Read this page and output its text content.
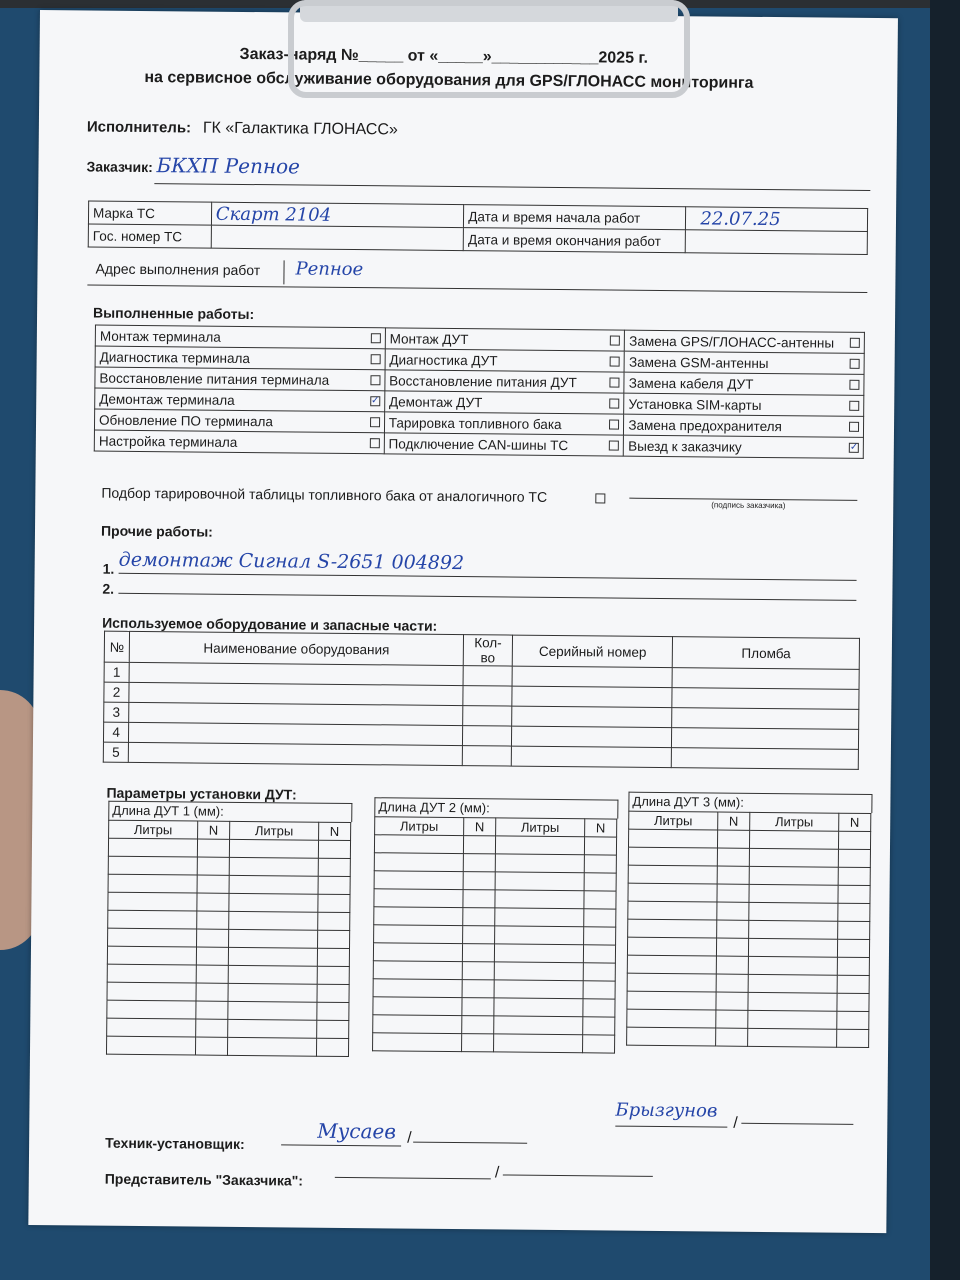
Заказ-наряд №_____ от «_____»____________2025 г.
на сервисное обслуживание оборудования для GPS/ГЛОНАСС мониторинга
Исполнитель: ГК «Галактика ГЛОНАСС»
Заказчик: БКХП Репное
Марка ТС	Скарт 2104	Дата и время начала работ	22.07.25
Гос. номер ТС		Дата и время окончания работ	
Адрес выполнения работ Репное
Выполненные работы:
Монтаж терминала	Монтаж ДУТ	Замена GPS/ГЛОНАСС-антенны

Диагностика терминала	Диагностика ДУТ	Замена GSM-антенны

Восстановление питания терминала	Восстановление питания ДУТ	Замена кабеля ДУТ

Демонтаж терминала ✓	Демонтаж ДУТ	Установка SIM-карты

Обновление ПО терминала	Тарировка топливного бака	Замена предохранителя

Настройка терминала	Подключение CAN-шины ТС	Выезд к заказчику ✓
Подбор тарировочной таблицы топливного бака от аналогичного ТС
(подпись заказчика)
Прочие работы:
1. демонтаж Сигнал S-2651 004892
2.
Используемое оборудование и запасные части:
№	Наименование оборудования	Кол-во	Серийный номер	Пломба
1				
2				
3				
4				
5				
Параметры установки ДУТ:
Длина ДУТ 1 (мм):
Литры	N	Литры	N

Длина ДУТ 2 (мм):
Литры	N	Литры	N

Длина ДУТ 3 (мм):
Литры	N	Литры	N

Техник-установщик:	Мусаев /
Брызгунов
/
Представитель "Заказчика":	/
